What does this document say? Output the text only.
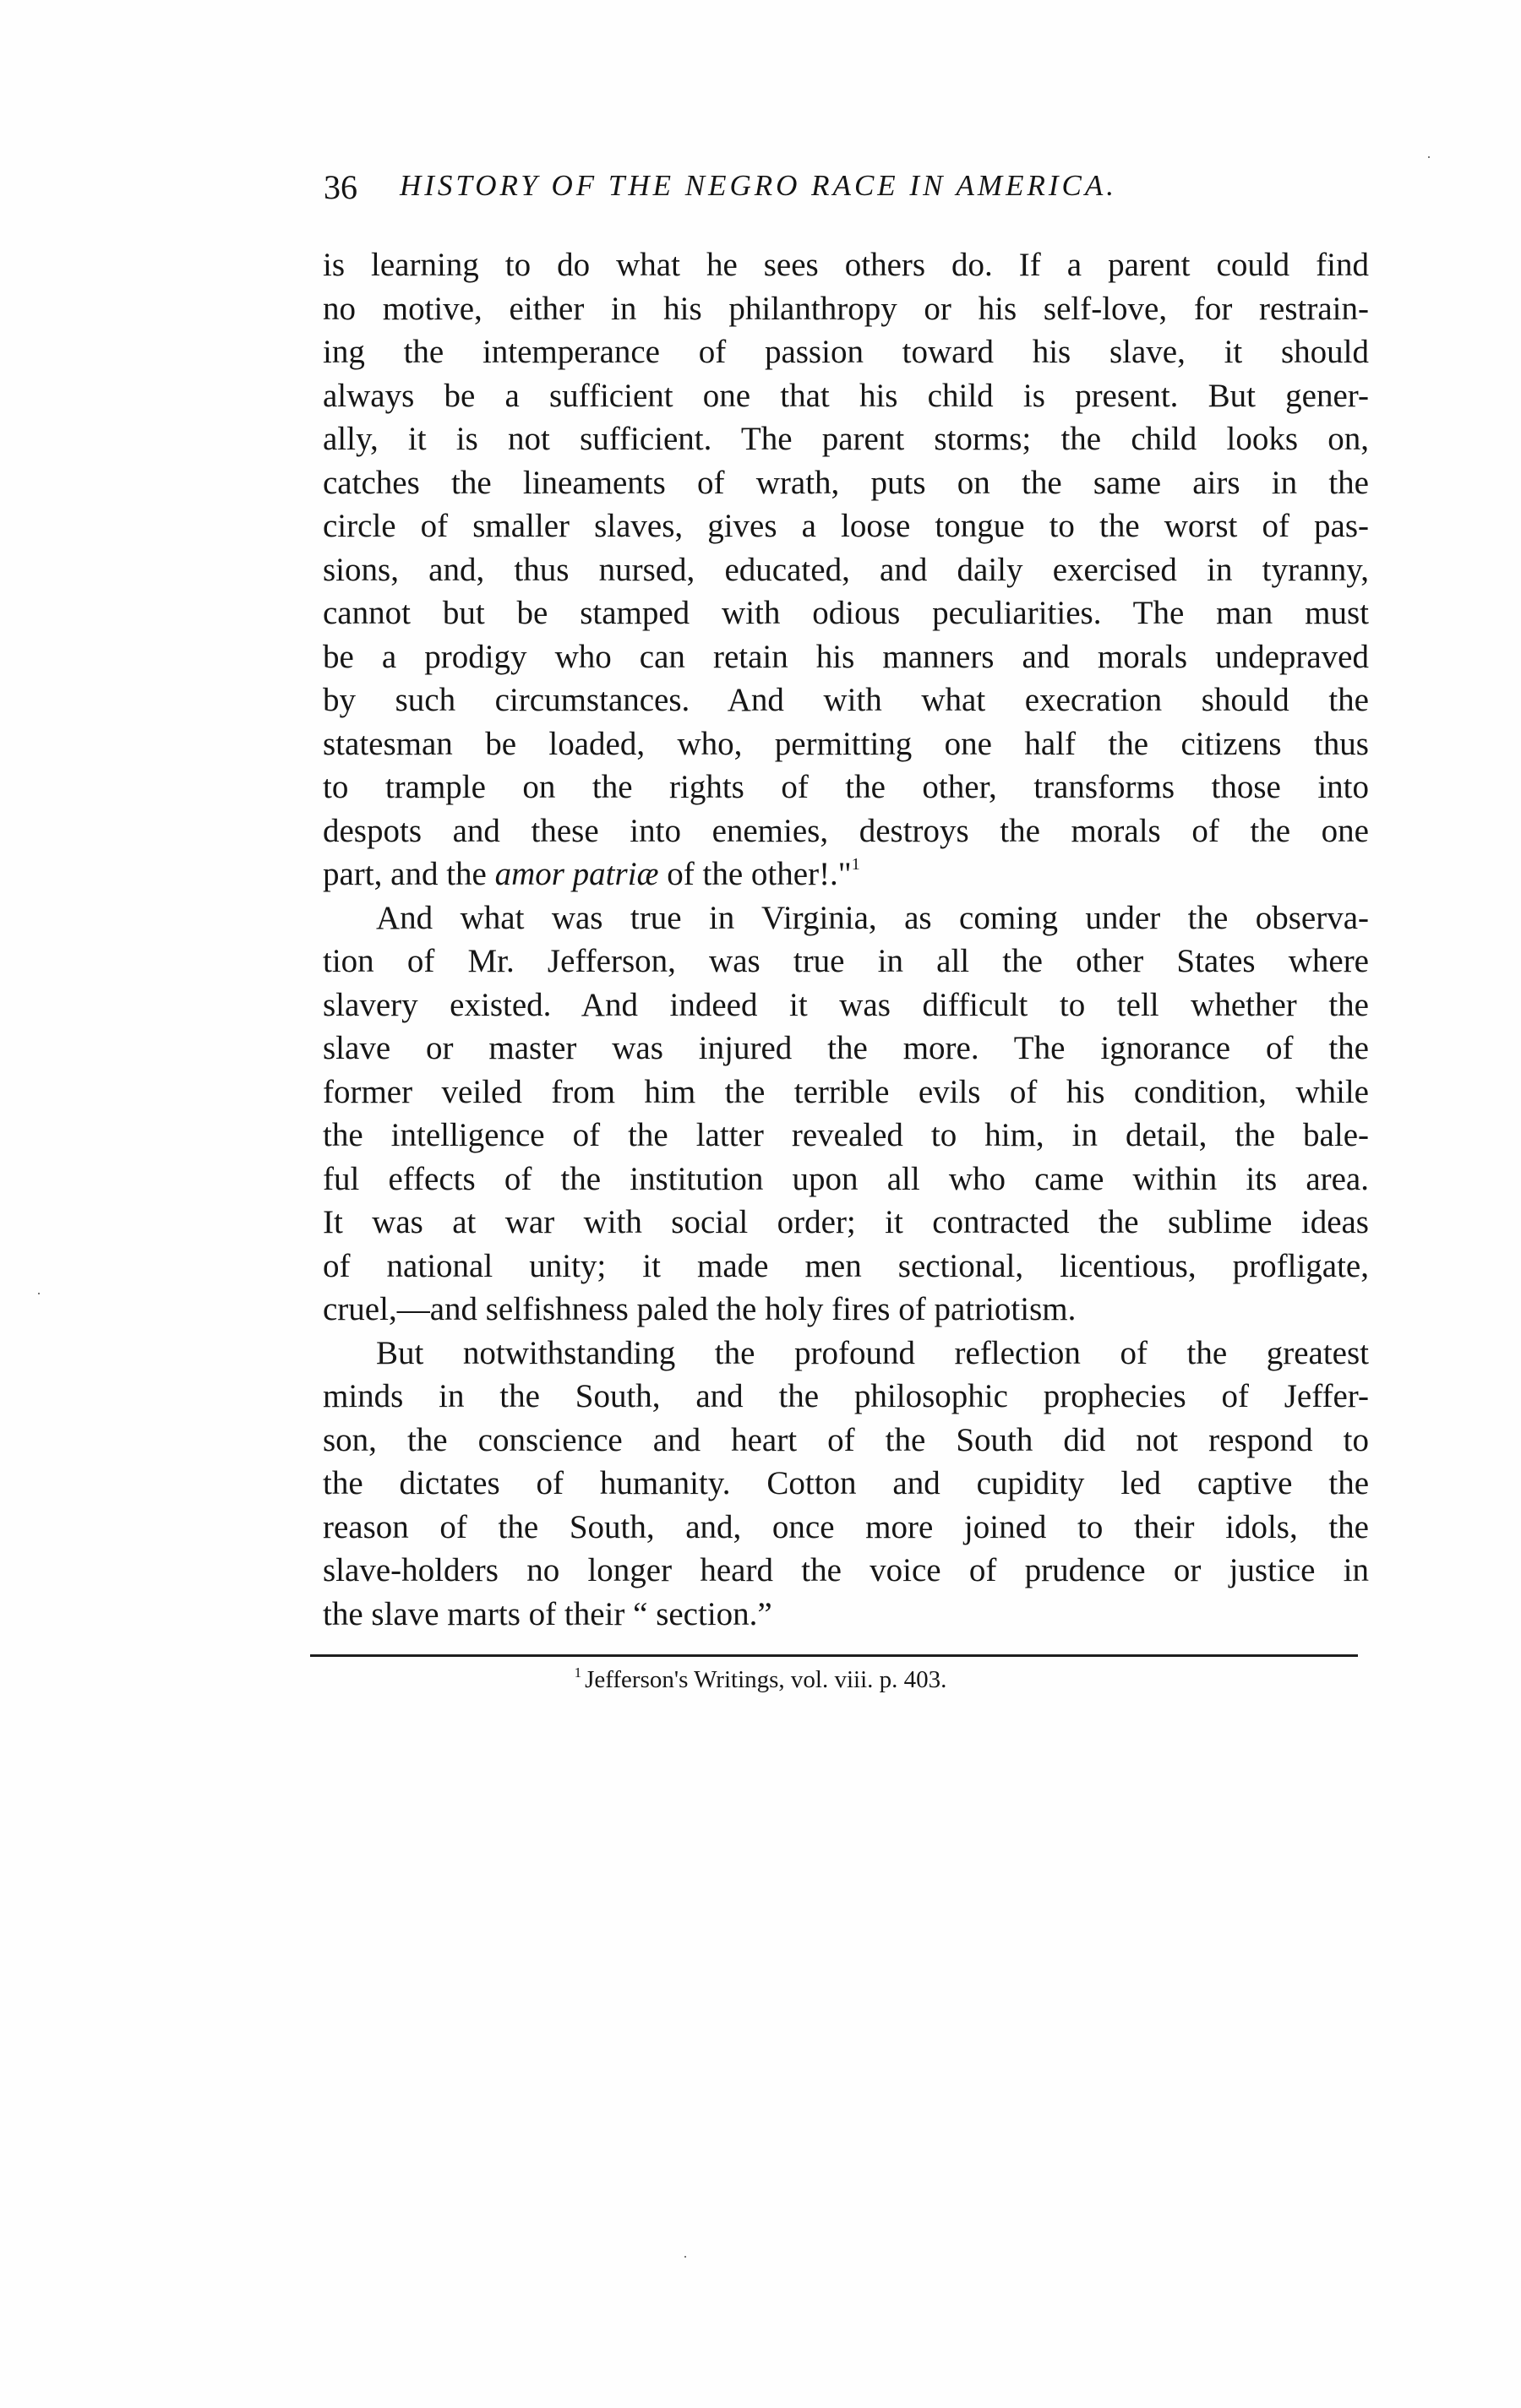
36 HISTORY OF THE NEGRO RACE IN AMERICA.
is learning to do what he sees others do. If a parent could find
no motive, either in his philanthropy or his self-love, for restrain-
ing the intemperance of passion toward his slave, it should
always be a sufficient one that his child is present. But gener-
ally, it is not sufficient. The parent storms; the child looks on,
catches the lineaments of wrath, puts on the same airs in the
circle of smaller slaves, gives a loose tongue to the worst of pas-
sions, and, thus nursed, educated, and daily exercised in tyranny,
cannot but be stamped with odious peculiarities. The man must
be a prodigy who can retain his manners and morals undepraved
by such circumstances. And with what execration should the
statesman be loaded, who, permitting one half the citizens thus
to trample on the rights of the other, transforms those into
despots and these into enemies, destroys the morals of the one
part, and the amor patriæ of the other!."$^1$
And what was true in Virginia, as coming under the observa-
tion of Mr. Jefferson, was true in all the other States where
slavery existed. And indeed it was difficult to tell whether the
slave or master was injured the more. The ignorance of the
former veiled from him the terrible evils of his condition, while
the intelligence of the latter revealed to him, in detail, the bale-
ful effects of the institution upon all who came within its area.
It was at war with social order; it contracted the sublime ideas
of national unity; it made men sectional, licentious, profligate,
cruel,—and selfishness paled the holy fires of patriotism.
But notwithstanding the profound reflection of the greatest
minds in the South, and the philosophic prophecies of Jeffer-
son, the conscience and heart of the South did not respond to
the dictates of humanity. Cotton and cupidity led captive the
reason of the South, and, once more joined to their idols, the
slave-holders no longer heard the voice of prudence or justice in
the slave marts of their “ section.”
$^1$ Jefferson's Writings, vol. viii. p. 403.
